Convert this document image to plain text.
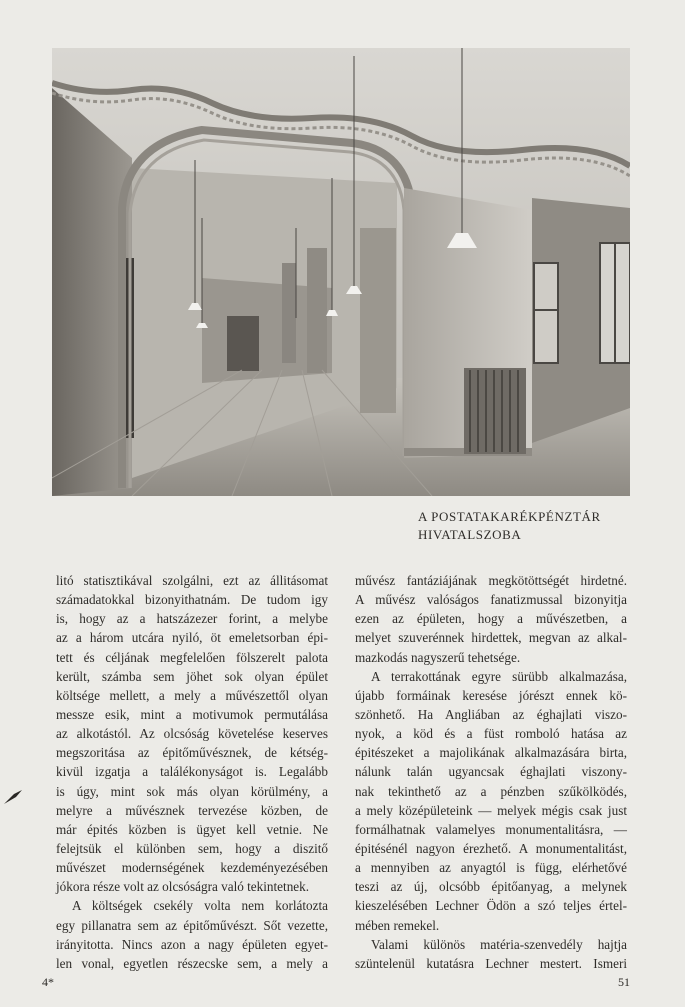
A POSTATAKARÉKPÉNZTÁR
HIVATALSZOBA
litó statisztikával szolgálni, ezt az állitásomat
számadatokkal bizonyithatnám. De tudom igy
is, hogy az a hatszázezer forint, a melybe
az a három utcára nyiló, öt emeletsorban épi-
tett és céljának megfelelően fölszerelt palota
került, számba sem jöhet sok olyan épület
költsége mellett, a mely a művészettől olyan
messze esik, mint a motivumok permutálása
az alkotástól. Az olcsóság követelése keserves
megszoritása az épitőművésznek, de kétség-
kivül izgatja a találékonyságot is. Legalább
is úgy, mint sok más olyan körülmény, a
melyre a művésznek tervezése közben, de
már épités közben is ügyet kell vetnie. Ne
felejtsük el különben sem, hogy a diszitő
művészet modernségének kezdeményezésében
jókora része volt az olcsóságra való tekintetnek.
A költségek csekély volta nem korlátozta
egy pillanatra sem az épitőművészt. Sőt vezette,
irányitotta. Nincs azon a nagy épületen egyet-
len vonal, egyetlen részecske sem, a mely a
művész fantáziájának megkötöttségét hirdetné.
A művész valóságos fanatizmussal bizonyitja
ezen az épületen, hogy a művészetben, a
melyet szuverénnek hirdettek, megvan az alkal-
mazkodás nagyszerű tehetsége.
A terrakottának egyre sürübb alkalmazása,
újabb formáinak keresése jórészt ennek kö-
szönhető. Ha Angliában az éghajlati viszo-
nyok, a köd és a füst romboló hatása az
épitészeket a majolikának alkalmazására birta,
nálunk talán ugyancsak éghajlati viszony-
nak tekinthető az a pénzben szűkölködés,
a mely középületeink — melyek mégis csak just
formálhatnak valamelyes monumentalitásra, —
épitésénél nagyon érezhető. A monumentalitást,
a mennyiben az anyagtól is függ, elérhetővé
teszi az új, olcsóbb épitőanyag, a melynek
kieszelésében Lechner Ödön a szó teljes értel-
mében remekel.
Valami különös matéria-szenvedély hajtja
szüntelenül kutatásra Lechner mestert. Ismeri
4*	51
